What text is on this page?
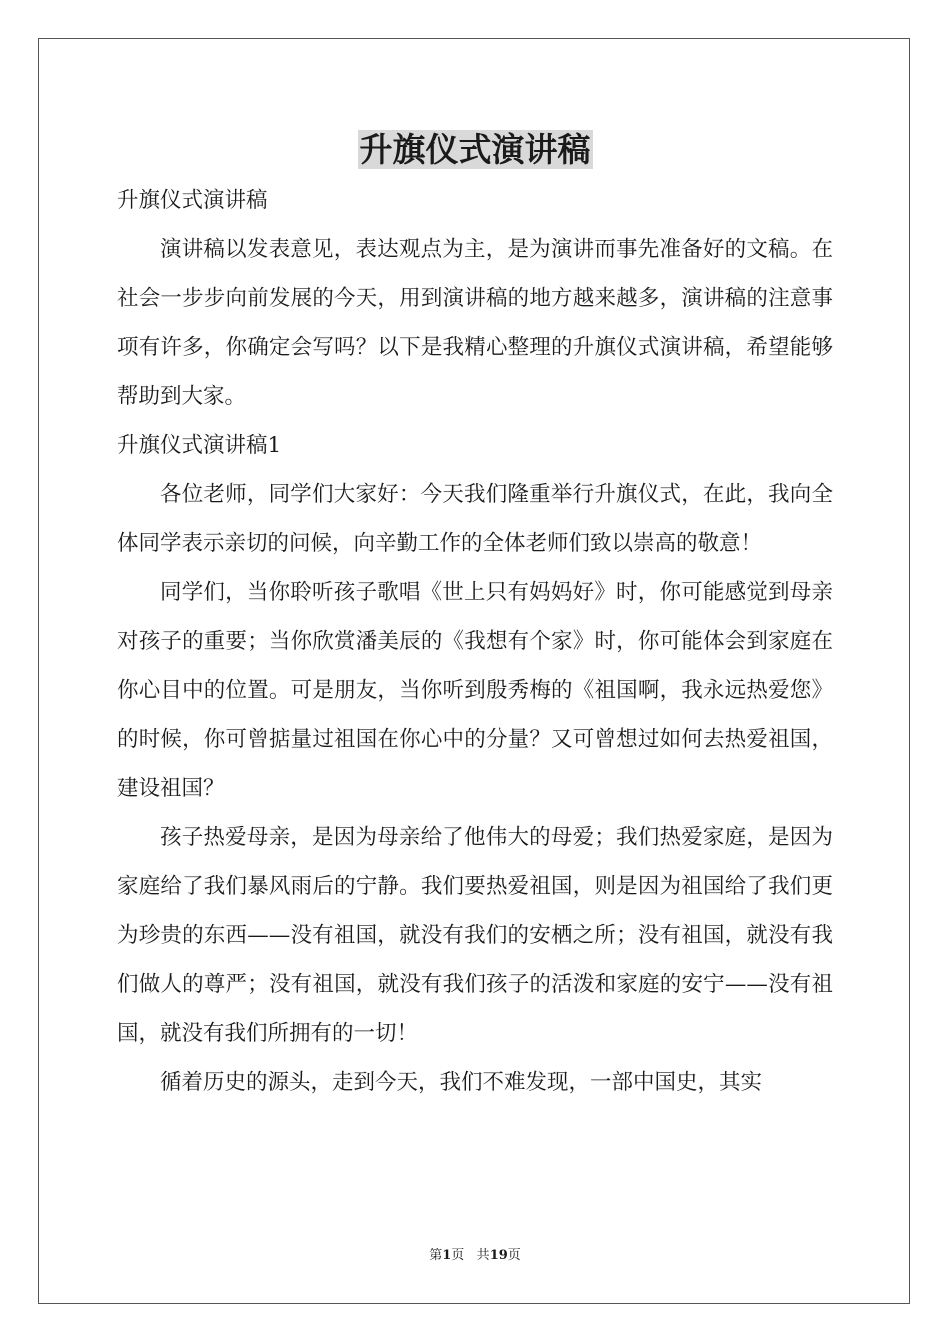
升旗仪式演讲稿

升旗仪式演讲稿

演讲稿以发表意见，表达观点为主，是为演讲而事先准备好的文稿。在社会一步步向前发展的今天，用到演讲稿的地方越来越多，演讲稿的注意事项有许多，你确定会写吗？以下是我精心整理的升旗仪式演讲稿，希望能够帮助到大家。

升旗仪式演讲稿1

各位老师，同学们大家好：今天我们隆重举行升旗仪式，在此，我向全体同学表示亲切的问候，向辛勤工作的全体老师们致以崇高的敬意！

同学们，当你聆听孩子歌唱《世上只有妈妈好》时，你可能感觉到母亲对孩子的重要；当你欣赏潘美辰的《我想有个家》时，你可能体会到家庭在你心目中的位置。可是朋友，当你听到殷秀梅的《祖国啊，我永远热爱您》的时候，你可曾掂量过祖国在你心中的分量？又可曾想过如何去热爱祖国，建设祖国？

孩子热爱母亲，是因为母亲给了他伟大的母爱；我们热爱家庭，是因为家庭给了我们暴风雨后的宁静。我们要热爱祖国，则是因为祖国给了我们更为珍贵的东西——没有祖国，就没有我们的安栖之所；没有祖国，就没有我们做人的尊严；没有祖国，就没有我们孩子的活泼和家庭的安宁——没有祖国，就没有我们所拥有的一切！

循着历史的源头，走到今天，我们不难发现，一部中国史，其实

第1页 共19页
